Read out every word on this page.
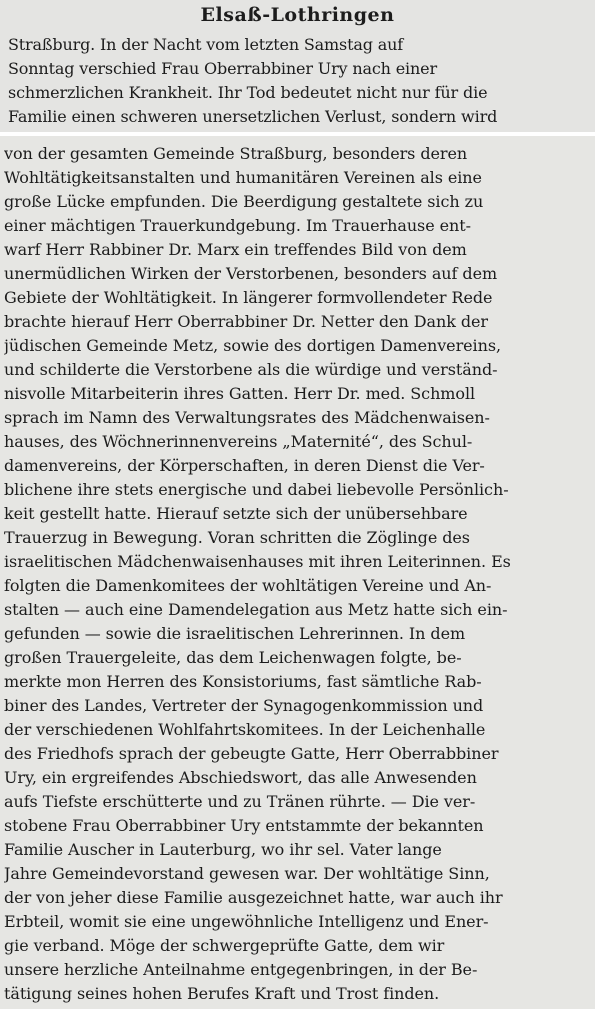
Elsaß-Lothringen
Straßburg. In der Nacht vom letzten Samstag auf
Sonntag verschied Frau Oberrabbiner Ury nach einer
schmerzlichen Krankheit. Ihr Tod bedeutet nicht nur für die
Familie einen schweren unersetzlichen Verlust, sondern wird
von der gesamten Gemeinde Straßburg, besonders deren
Wohltätigkeitsanstalten und humanitären Vereinen als eine
große Lücke empfunden. Die Beerdigung gestaltete sich zu
einer mächtigen Trauerkundgebung. Im Trauerhause ent-
warf Herr Rabbiner Dr. Marx ein treffendes Bild von dem
unermüdlichen Wirken der Verstorbenen, besonders auf dem
Gebiete der Wohltätigkeit. In längerer formvollendeter Rede
brachte hierauf Herr Oberrabbiner Dr. Netter den Dank der
jüdischen Gemeinde Metz, sowie des dortigen Damenvereins,
und schilderte die Verstorbene als die würdige und verständ-
nisvolle Mitarbeiterin ihres Gatten. Herr Dr. med. Schmoll
sprach im Namn des Verwaltungsrates des Mädchenwaisen-
hauses, des Wöchnerinnenvereins „Maternité“, des Schul-
damenvereins, der Körperschaften, in deren Dienst die Ver-
blichene ihre stets energische und dabei liebevolle Persönlich-
keit gestellt hatte. Hierauf setzte sich der unübersehbare
Trauerzug in Bewegung. Voran schritten die Zöglinge des
israelitischen Mädchenwaisenhauses mit ihren Leiterinnen. Es
folgten die Damenkomitees der wohltätigen Vereine und An-
stalten — auch eine Damendelegation aus Metz hatte sich ein-
gefunden — sowie die israelitischen Lehrerinnen. In dem
großen Trauergeleite, das dem Leichenwagen folgte, be-
merkte mon Herren des Konsistoriums, fast sämtliche Rab-
biner des Landes, Vertreter der Synagogenkommission und
der verschiedenen Wohlfahrtskomitees. In der Leichenhalle
des Friedhofs sprach der gebeugte Gatte, Herr Oberrabbiner
Ury, ein ergreifendes Abschiedswort, das alle Anwesenden
aufs Tiefste erschütterte und zu Tränen rührte. — Die ver-
stobene Frau Oberrabbiner Ury entstammte der bekannten
Familie Auscher in Lauterburg, wo ihr sel. Vater lange
Jahre Gemeindevorstand gewesen war. Der wohltätige Sinn,
der von jeher diese Familie ausgezeichnet hatte, war auch ihr
Erbteil, womit sie eine ungewöhnliche Intelligenz und Ener-
gie verband. Möge der schwergeprüfte Gatte, dem wir
unsere herzliche Anteilnahme entgegenbringen, in der Be-
tätigung seines hohen Berufes Kraft und Trost finden.
